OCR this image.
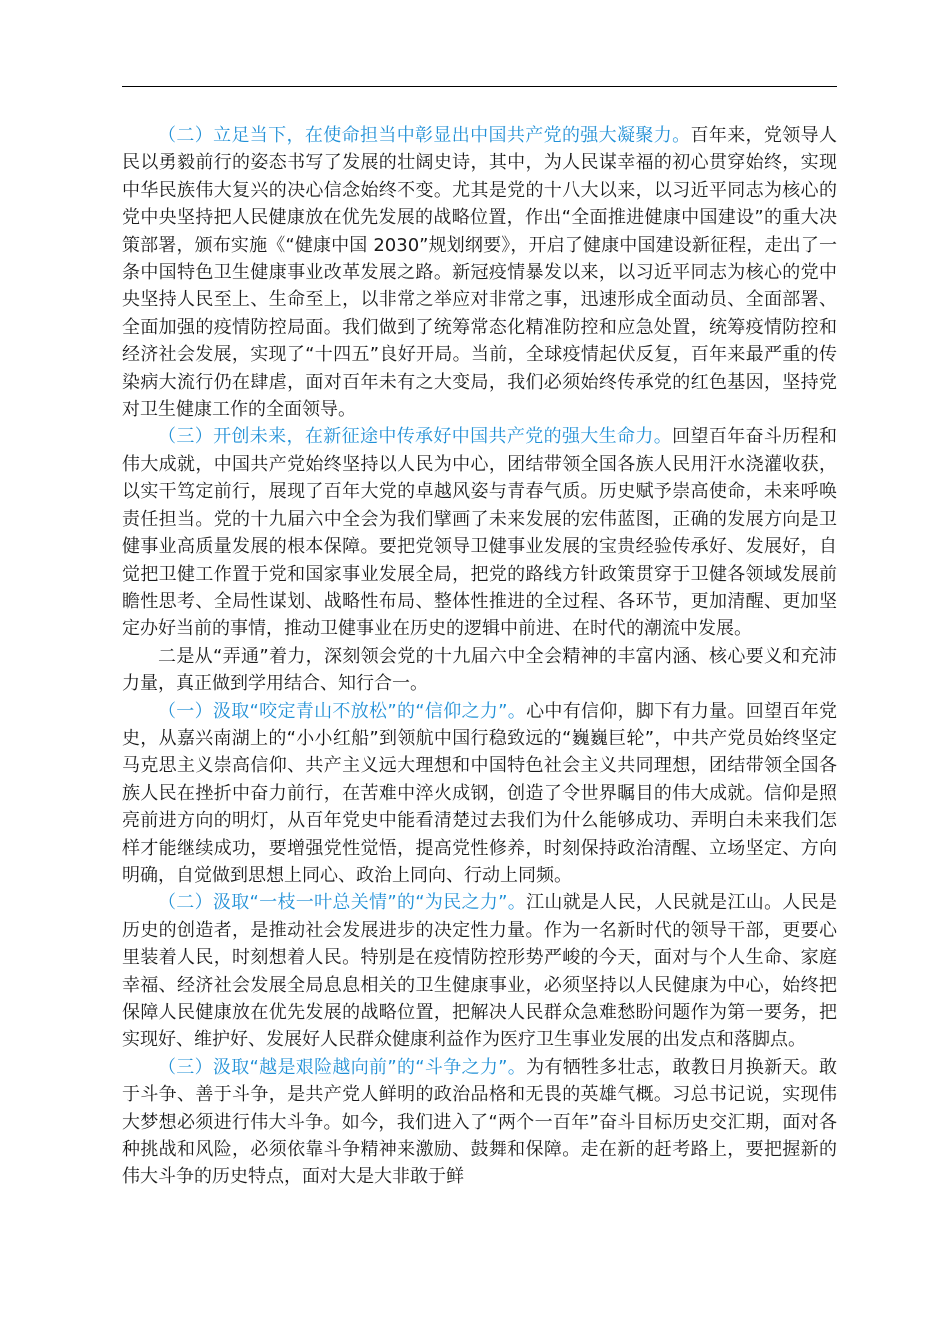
（二）立足当下，在使命担当中彰显出中国共产党的强大凝聚力。百年来，党领导人民以勇毅前行的姿态书写了发展的壮阔史诗，其中，为人民谋幸福的初心贯穿始终，实现中华民族伟大复兴的决心信念始终不变。尤其是党的十八大以来，以习近平同志为核心的党中央坚持把人民健康放在优先发展的战略位置，作出“全面推进健康中国建设”的重大决策部署，颁布实施《“健康中国 2030”规划纲要》，开启了健康中国建设新征程，走出了一条中国特色卫生健康事业改革发展之路。新冠疫情暴发以来，以习近平同志为核心的党中央坚持人民至上、生命至上，以非常之举应对非常之事，迅速形成全面动员、全面部署、全面加强的疫情防控局面。我们做到了统筹常态化精准防控和应急处置，统筹疫情防控和经济社会发展，实现了“十四五”良好开局。当前，全球疫情起伏反复，百年来最严重的传染病大流行仍在肆虐，面对百年未有之大变局，我们必须始终传承党的红色基因，坚持党对卫生健康工作的全面领导。

（三）开创未来，在新征途中传承好中国共产党的强大生命力。回望百年奋斗历程和伟大成就，中国共产党始终坚持以人民为中心，团结带领全国各族人民用汗水浇灌收获，以实干笃定前行，展现了百年大党的卓越风姿与青春气质。历史赋予崇高使命，未来呼唤责任担当。党的十九届六中全会为我们擘画了未来发展的宏伟蓝图，正确的发展方向是卫健事业高质量发展的根本保障。要把党领导卫健事业发展的宝贵经验传承好、发展好，自觉把卫健工作置于党和国家事业发展全局，把党的路线方针政策贯穿于卫健各领域发展前瞻性思考、全局性谋划、战略性布局、整体性推进的全过程、各环节，更加清醒、更加坚定办好当前的事情，推动卫健事业在历史的逻辑中前进、在时代的潮流中发展。

二是从“弄通”着力，深刻领会党的十九届六中全会精神的丰富内涵、核心要义和充沛力量，真正做到学用结合、知行合一。

（一）汲取“咬定青山不放松”的“信仰之力”。心中有信仰，脚下有力量。回望百年党史，从嘉兴南湖上的“小小红船”到领航中国行稳致远的“巍巍巨轮”，中共产党员始终坚定马克思主义崇高信仰、共产主义远大理想和中国特色社会主义共同理想，团结带领全国各族人民在挫折中奋力前行，在苦难中淬火成钢，创造了令世界瞩目的伟大成就。信仰是照亮前进方向的明灯，从百年党史中能看清楚过去我们为什么能够成功、弄明白未来我们怎样才能继续成功，要增强党性觉悟，提高党性修养，时刻保持政治清醒、立场坚定、方向明确，自觉做到思想上同心、政治上同向、行动上同频。

（二）汲取“一枝一叶总关情”的“为民之力”。江山就是人民，人民就是江山。人民是历史的创造者，是推动社会发展进步的决定性力量。作为一名新时代的领导干部，更要心里装着人民，时刻想着人民。特别是在疫情防控形势严峻的今天，面对与个人生命、家庭幸福、经济社会发展全局息息相关的卫生健康事业，必须坚持以人民健康为中心，始终把保障人民健康放在优先发展的战略位置，把解决人民群众急难愁盼问题作为第一要务，把实现好、维护好、发展好人民群众健康利益作为医疗卫生事业发展的出发点和落脚点。

（三）汲取“越是艰险越向前”的“斗争之力”。为有牺牲多壮志，敢教日月换新天。敢于斗争、善于斗争，是共产党人鲜明的政治品格和无畏的英雄气概。习总书记说，实现伟大梦想必须进行伟大斗争。如今，我们进入了“两个一百年”奋斗目标历史交汇期，面对各种挑战和风险，必须依靠斗争精神来激励、鼓舞和保障。走在新的赶考路上，要把握新的伟大斗争的历史特点，面对大是大非敢于鲜
